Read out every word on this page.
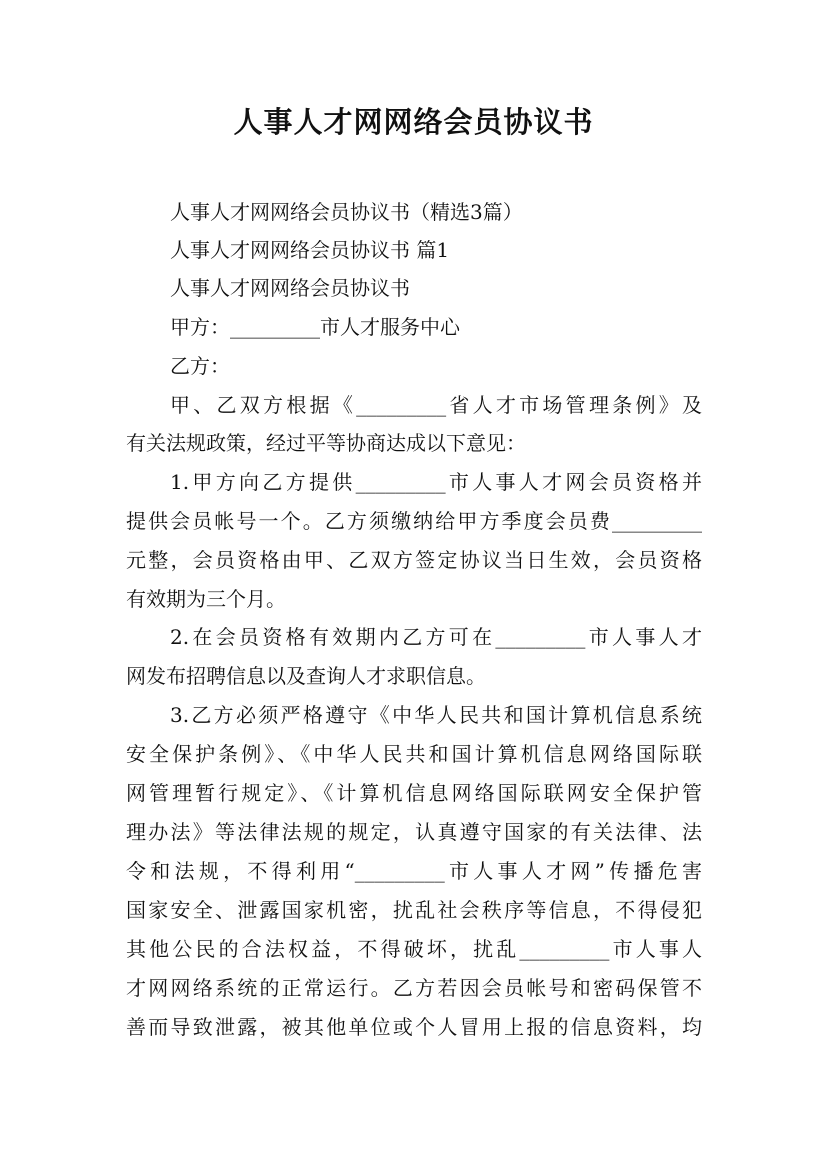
人事人才网网络会员协议书
人事人才网网络会员协议书（精选3篇）
人事人才网网络会员协议书 篇1
人事人才网网络会员协议书
甲方：_________市人才服务中心
乙方：
甲、乙双方根据《_________省人才市场管理条例》及
有关法规政策，经过平等协商达成以下意见：
1.甲方向乙方提供_________市人事人才网会员资格并
提供会员帐号一个。乙方须缴纳给甲方季度会员费_________
元整，会员资格由甲、乙双方签定协议当日生效，会员资格
有效期为三个月。
2.在会员资格有效期内乙方可在_________市人事人才
网发布招聘信息以及查询人才求职信息。
3.乙方必须严格遵守《中华人民共和国计算机信息系统
安全保护条例》、《中华人民共和国计算机信息网络国际联
网管理暂行规定》、《计算机信息网络国际联网安全保护管
理办法》等法律法规的规定，认真遵守国家的有关法律、法
令和法规，不得利用“_________市人事人才网”传播危害
国家安全、泄露国家机密，扰乱社会秩序等信息，不得侵犯
其他公民的合法权益，不得破坏，扰乱_________市人事人
才网网络系统的正常运行。乙方若因会员帐号和密码保管不
善而导致泄露，被其他单位或个人冒用上报的信息资料，均
